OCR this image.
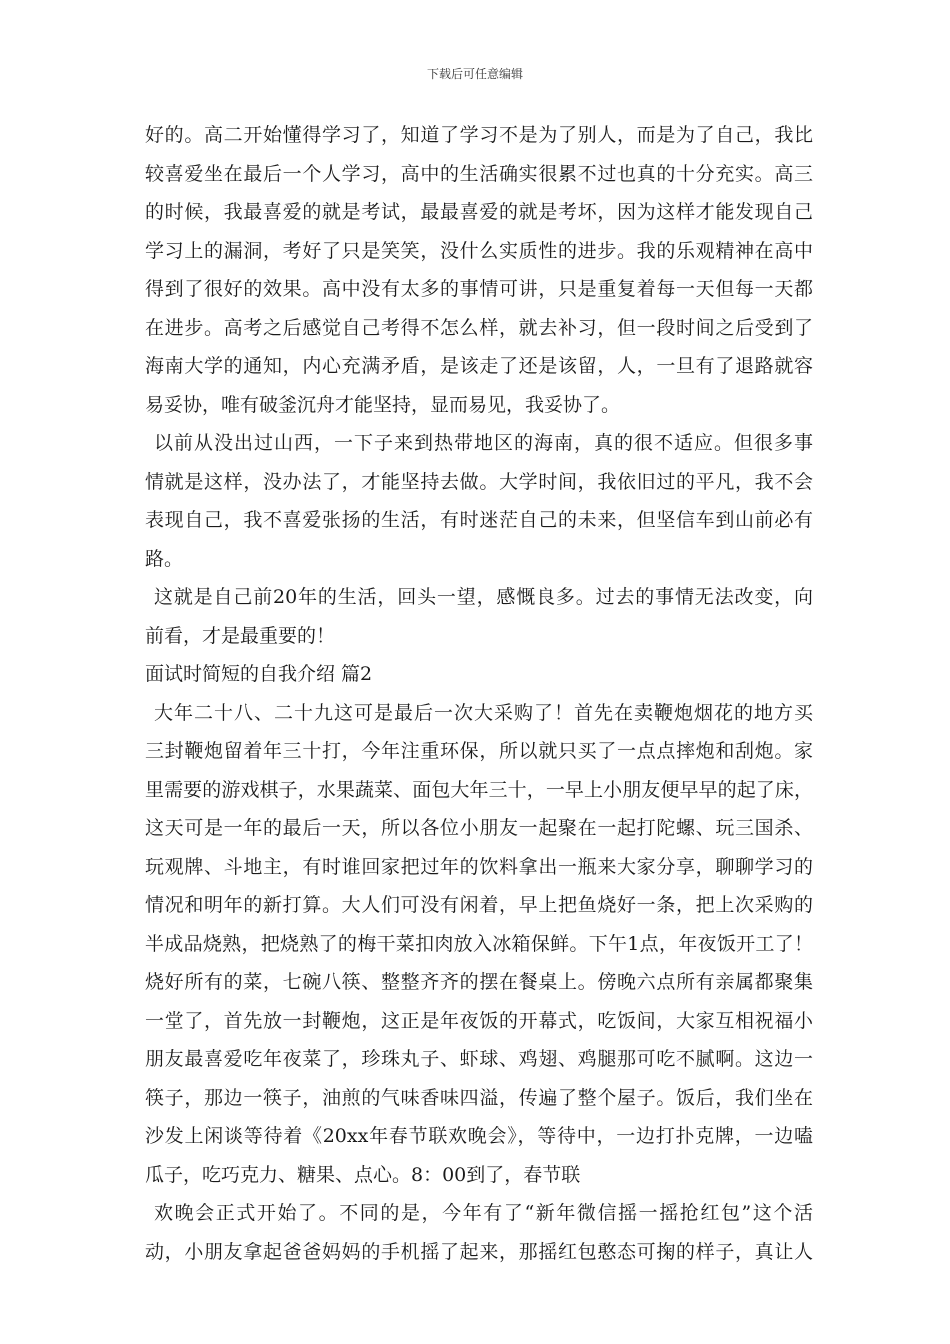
下载后可任意编辑
好的。高二开始懂得学习了，知道了学习不是为了别人，而是为了自己，我比
较喜爱坐在最后一个人学习，高中的生活确实很累不过也真的十分充实。高三
的时候，我最喜爱的就是考试，最最喜爱的就是考坏，因为这样才能发现自己
学习上的漏洞，考好了只是笑笑，没什么实质性的进步。我的乐观精神在高中
得到了很好的效果。高中没有太多的事情可讲，只是重复着每一天但每一天都
在进步。高考之后感觉自己考得不怎么样，就去补习，但一段时间之后受到了
海南大学的通知，内心充满矛盾，是该走了还是该留，人，一旦有了退路就容
易妥协，唯有破釜沉舟才能坚持，显而易见，我妥协了。
以前从没出过山西，一下子来到热带地区的海南，真的很不适应。但很多事
情就是这样，没办法了，才能坚持去做。大学时间，我依旧过的平凡，我不会
表现自己，我不喜爱张扬的生活，有时迷茫自己的未来，但坚信车到山前必有
路。
这就是自己前20年的生活，回头一望，感慨良多。过去的事情无法改变，向
前看，才是最重要的！
面试时简短的自我介绍 篇2
大年二十八、二十九这可是最后一次大采购了！首先在卖鞭炮烟花的地方买
三封鞭炮留着年三十打，今年注重环保，所以就只买了一点点摔炮和刮炮。家
里需要的游戏棋子，水果蔬菜、面包大年三十，一早上小朋友便早早的起了床，
这天可是一年的最后一天，所以各位小朋友一起聚在一起打陀螺、玩三国杀、
玩观牌、斗地主，有时谁回家把过年的饮料拿出一瓶来大家分享，聊聊学习的
情况和明年的新打算。大人们可没有闲着，早上把鱼烧好一条，把上次采购的
半成品烧熟，把烧熟了的梅干菜扣肉放入冰箱保鲜。下午1点，年夜饭开工了！
烧好所有的菜，七碗八筷、整整齐齐的摆在餐桌上。傍晚六点所有亲属都聚集
一堂了，首先放一封鞭炮，这正是年夜饭的开幕式，吃饭间，大家互相祝福小
朋友最喜爱吃年夜菜了，珍珠丸子、虾球、鸡翅、鸡腿那可吃不腻啊。这边一
筷子，那边一筷子，油煎的气味香味四溢，传遍了整个屋子。饭后，我们坐在
沙发上闲谈等待着《20xx年春节联欢晚会》，等待中，一边打扑克牌，一边嗑
瓜子，吃巧克力、糖果、点心。8：00到了，春节联
欢晚会正式开始了。不同的是，今年有了“新年微信摇一摇抢红包”这个活
动，小朋友拿起爸爸妈妈的手机摇了起来，那摇红包憨态可掬的样子，真让人
